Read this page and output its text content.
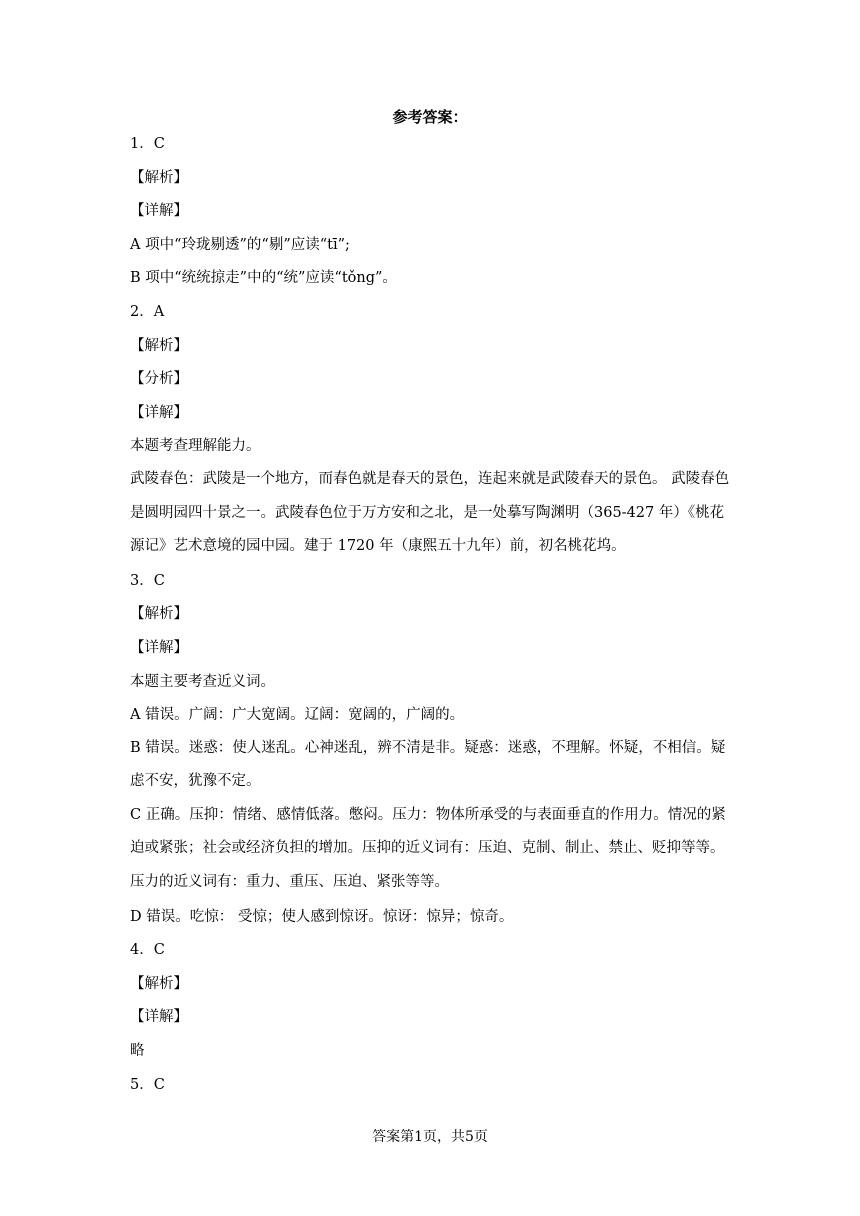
参考答案：
1．C
【解析】
【详解】
A 项中“玲珑剔透”的“剔”应读“tī”;
B 项中“统统掠走”中的“统”应读“tǒng”。
2．A
【解析】
【分析】
【详解】
本题考查理解能力。
武陵春色：武陵是一个地方，而春色就是春天的景色，连起来就是武陵春天的景色。 武陵春色是圆明园四十景之一。武陵春色位于万方安和之北，是一处摹写陶渊明（365-427 年）《桃花源记》艺术意境的园中园。建于 1720 年（康熙五十九年）前，初名桃花坞。
3．C
【解析】
【详解】
本题主要考查近义词。
A 错误。广阔：广大宽阔。辽阔：宽阔的，广阔的。
B 错误。迷惑：使人迷乱。心神迷乱，辨不清是非。疑惑：迷惑，不理解。怀疑，不相信。疑虑不安，犹豫不定。
C 正确。压抑：情绪、感情低落。憋闷。压力：物体所承受的与表面垂直的作用力。情况的紧迫或紧张；社会或经济负担的增加。压抑的近义词有：压迫、克制、制止、禁止、贬抑等等。压力的近义词有：重力、重压、压迫、紧张等等。
D 错误。吃惊： 受惊；使人感到惊讶。惊讶：惊异；惊奇。
4．C
【解析】
【详解】
略
5．C
答案第1页，共5页
